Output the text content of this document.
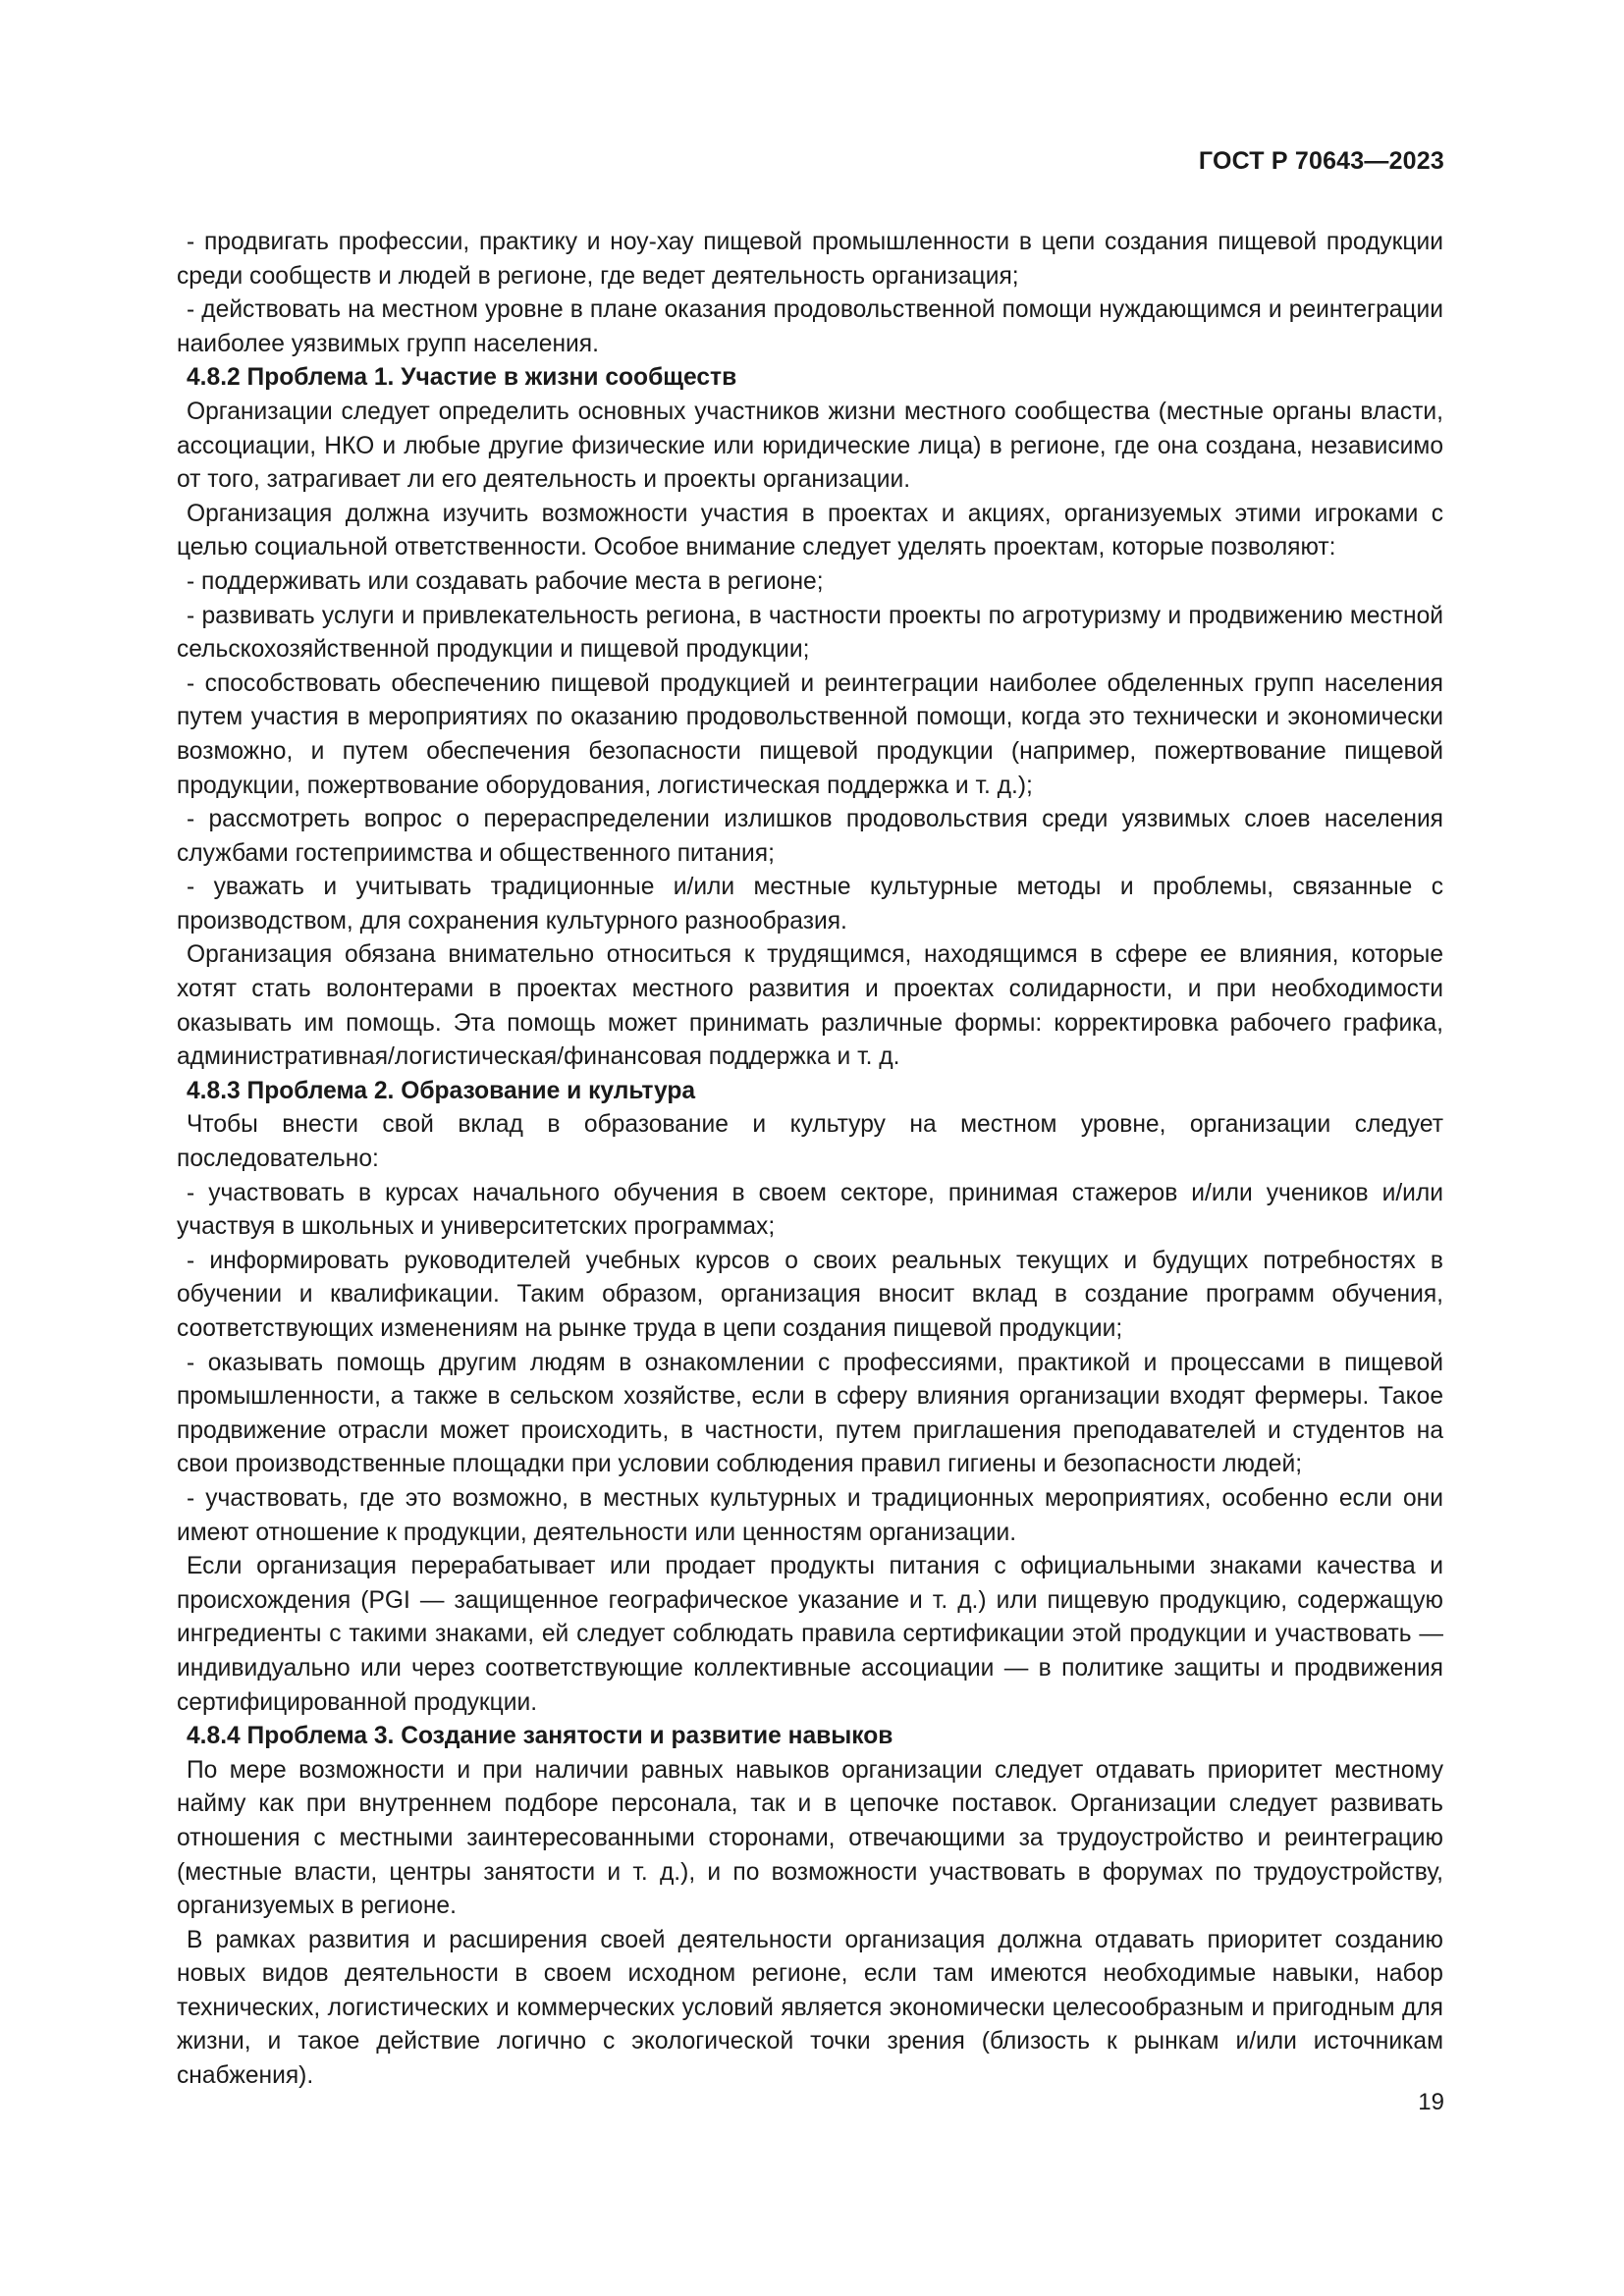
ГОСТ Р 70643—2023

- продвигать профессии, практику и ноу-хау пищевой промышленности в цепи создания пищевой продукции среди сообществ и людей в регионе, где ведет деятельность организация;

- действовать на местном уровне в плане оказания продовольственной помощи нуждающимся и реинтеграции наиболее уязвимых групп населения.

4.8.2 Проблема 1. Участие в жизни сообществ

Организации следует определить основных участников жизни местного сообщества (местные органы власти, ассоциации, НКО и любые другие физические или юридические лица) в регионе, где она создана, независимо от того, затрагивает ли его деятельность и проекты организации.

Организация должна изучить возможности участия в проектах и акциях, организуемых этими игроками с целью социальной ответственности. Особое внимание следует уделять проектам, которые позволяют:

- поддерживать или создавать рабочие места в регионе;

- развивать услуги и привлекательность региона, в частности проекты по агротуризму и продвижению местной сельскохозяйственной продукции и пищевой продукции;

- способствовать обеспечению пищевой продукцией и реинтеграции наиболее обделенных групп населения путем участия в мероприятиях по оказанию продовольственной помощи, когда это технически и экономически возможно, и путем обеспечения безопасности пищевой продукции (например, пожертвование пищевой продукции, пожертвование оборудования, логистическая поддержка и т. д.);

- рассмотреть вопрос о перераспределении излишков продовольствия среди уязвимых слоев населения службами гостеприимства и общественного питания;

- уважать и учитывать традиционные и/или местные культурные методы и проблемы, связанные с производством, для сохранения культурного разнообразия.

Организация обязана внимательно относиться к трудящимся, находящимся в сфере ее влияния, которые хотят стать волонтерами в проектах местного развития и проектах солидарности, и при необходимости оказывать им помощь. Эта помощь может принимать различные формы: корректировка рабочего графика, административная/логистическая/финансовая поддержка и т. д.

4.8.3 Проблема 2. Образование и культура

Чтобы внести свой вклад в образование и культуру на местном уровне, организации следует последовательно:

- участвовать в курсах начального обучения в своем секторе, принимая стажеров и/или учеников и/или участвуя в школьных и университетских программах;

- информировать руководителей учебных курсов о своих реальных текущих и будущих потребностях в обучении и квалификации. Таким образом, организация вносит вклад в создание программ обучения, соответствующих изменениям на рынке труда в цепи создания пищевой продукции;

- оказывать помощь другим людям в ознакомлении с профессиями, практикой и процессами в пищевой промышленности, а также в сельском хозяйстве, если в сферу влияния организации входят фермеры. Такое продвижение отрасли может происходить, в частности, путем приглашения преподавателей и студентов на свои производственные площадки при условии соблюдения правил гигиены и безопасности людей;

- участвовать, где это возможно, в местных культурных и традиционных мероприятиях, особенно если они имеют отношение к продукции, деятельности или ценностям организации.

Если организация перерабатывает или продает продукты питания с официальными знаками качества и происхождения (PGI — защищенное географическое указание и т. д.) или пищевую продукцию, содержащую ингредиенты с такими знаками, ей следует соблюдать правила сертификации этой продукции и участвовать — индивидуально или через соответствующие коллективные ассоциации — в политике защиты и продвижения сертифицированной продукции.

4.8.4 Проблема 3. Создание занятости и развитие навыков

По мере возможности и при наличии равных навыков организации следует отдавать приоритет местному найму как при внутреннем подборе персонала, так и в цепочке поставок. Организации следует развивать отношения с местными заинтересованными сторонами, отвечающими за трудоустройство и реинтеграцию (местные власти, центры занятости и т. д.), и по возможности участвовать в форумах по трудоустройству, организуемых в регионе.

В рамках развития и расширения своей деятельности организация должна отдавать приоритет созданию новых видов деятельности в своем исходном регионе, если там имеются необходимые навыки, набор технических, логистических и коммерческих условий является экономически целесообразным и пригодным для жизни, и такое действие логично с экологической точки зрения (близость к рынкам и/или источникам снабжения).

19
